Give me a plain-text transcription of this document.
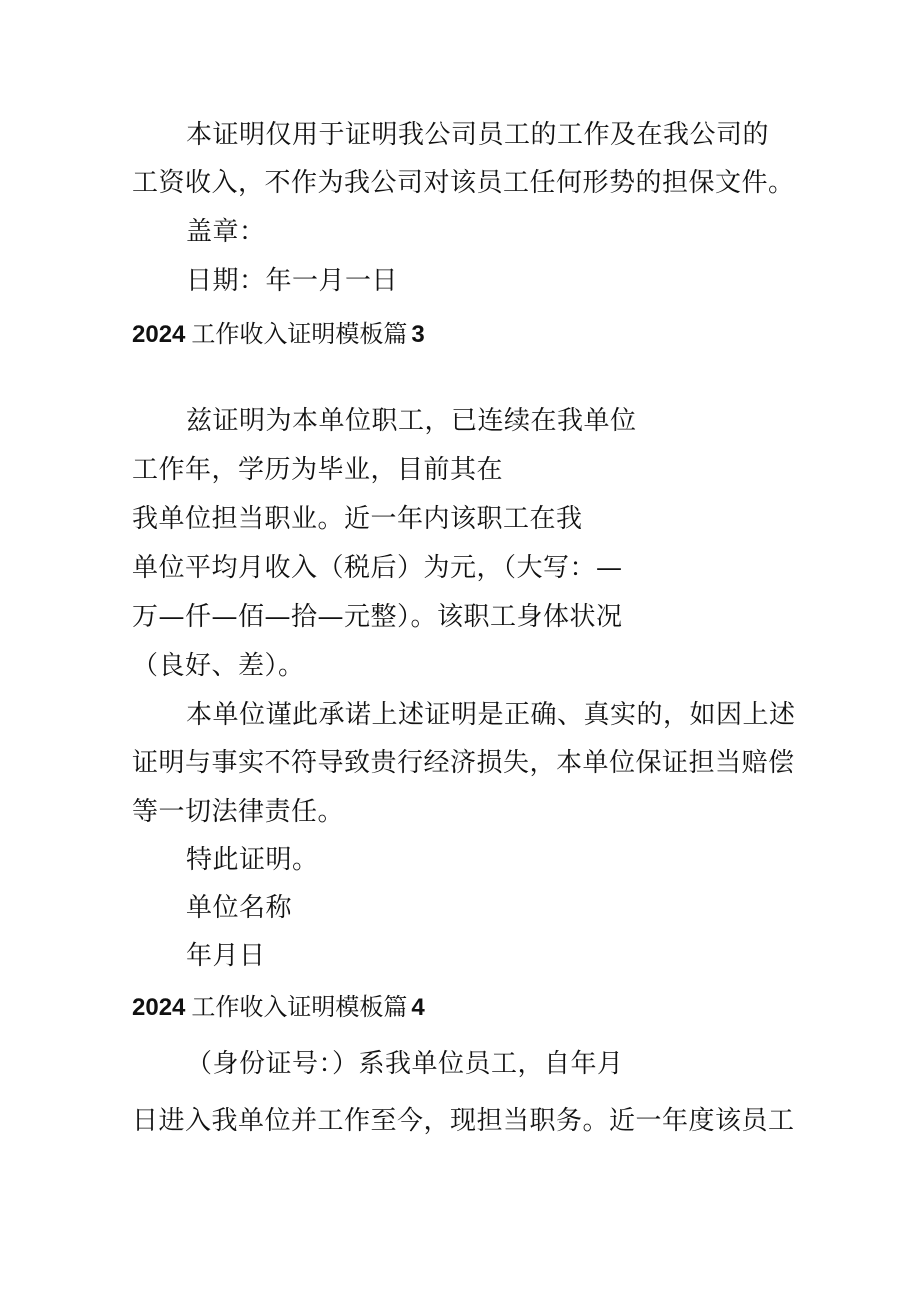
本证明仅用于证明我公司员工的工作及在我公司的
工资收入，不作为我公司对该员工任何形势的担保文件。
盖章：
日期：年一月一日
2024 工作收入证明模板篇 3
兹证明为本单位职工，已连续在我单位
工作年，学历为毕业，目前其在
我单位担当职业。近一年内该职工在我
单位平均月收入（税后）为元，（大写：—
万—仟—佰—拾—元整）。该职工身体状况
（良好、差）。
本单位谨此承诺上述证明是正确、真实的，如因上述
证明与事实不符导致贵行经济损失，本单位保证担当赔偿
等一切法律责任。
特此证明。
单位名称
年月日
2024 工作收入证明模板篇 4
（身份证号：）系我单位员工，自年月
日进入我单位并工作至今，现担当职务。近一年度该员工
